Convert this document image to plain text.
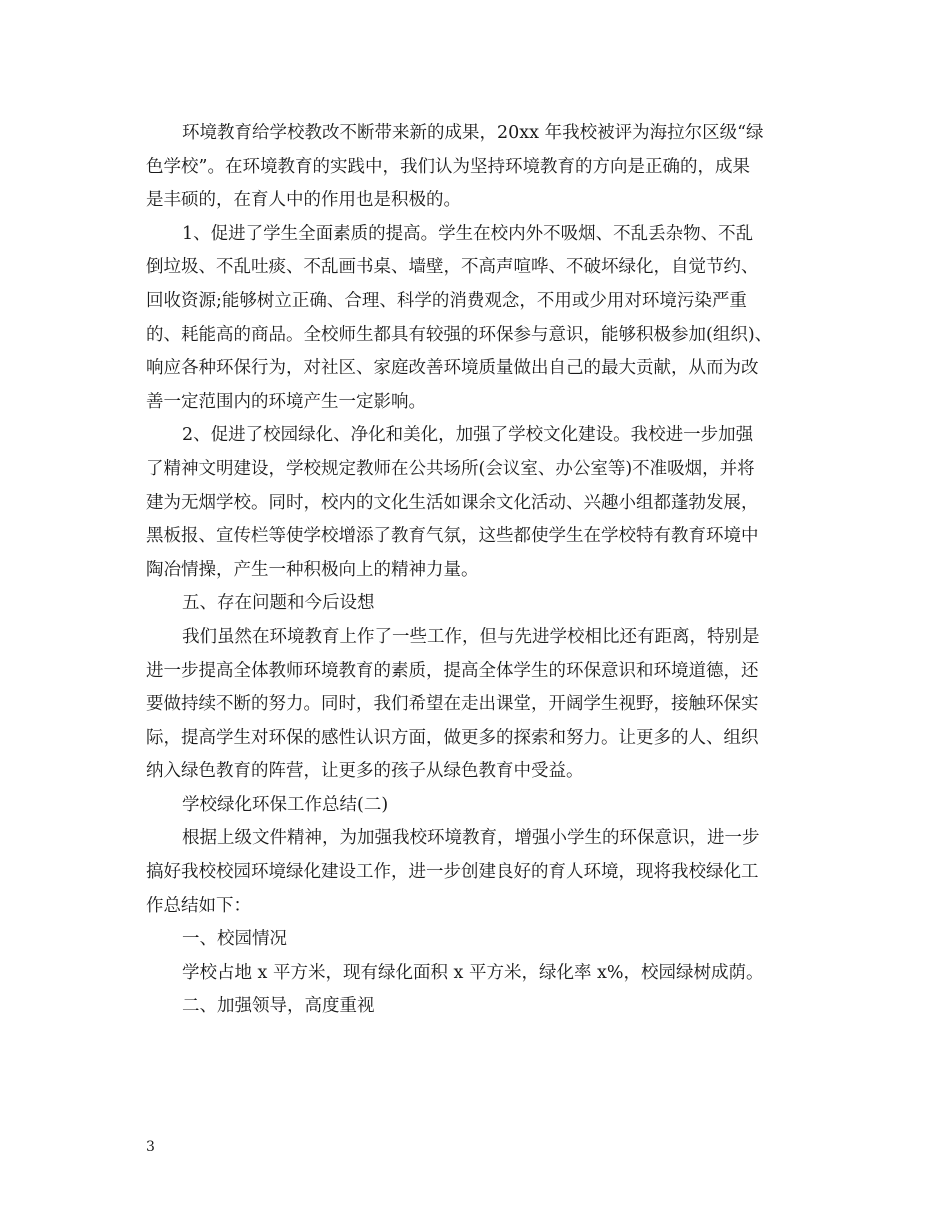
环境教育给学校教改不断带来新的成果，20xx 年我校被评为海拉尔区级“绿
色学校”。在环境教育的实践中，我们认为坚持环境教育的方向是正确的，成果
是丰硕的，在育人中的作用也是积极的。
1、促进了学生全面素质的提高。学生在校内外不吸烟、不乱丢杂物、不乱
倒垃圾、不乱吐痰、不乱画书桌、墙壁，不高声喧哗、不破坏绿化，自觉节约、
回收资源;能够树立正确、合理、科学的消费观念，不用或少用对环境污染严重
的、耗能高的商品。全校师生都具有较强的环保参与意识，能够积极参加(组织)、
响应各种环保行为，对社区、家庭改善环境质量做出自己的最大贡献，从而为改
善一定范围内的环境产生一定影响。
2、促进了校园绿化、净化和美化，加强了学校文化建设。我校进一步加强
了精神文明建设，学校规定教师在公共场所(会议室、办公室等)不准吸烟，并将
建为无烟学校。同时，校内的文化生活如课余文化活动、兴趣小组都蓬勃发展，
黑板报、宣传栏等使学校增添了教育气氛，这些都使学生在学校特有教育环境中
陶冶情操，产生一种积极向上的精神力量。
五、存在问题和今后设想
我们虽然在环境教育上作了一些工作，但与先进学校相比还有距离，特别是
进一步提高全体教师环境教育的素质，提高全体学生的环保意识和环境道德，还
要做持续不断的努力。同时，我们希望在走出课堂，开阔学生视野，接触环保实
际，提高学生对环保的感性认识方面，做更多的探索和努力。让更多的人、组织
纳入绿色教育的阵营，让更多的孩子从绿色教育中受益。
学校绿化环保工作总结(二)
根据上级文件精神，为加强我校环境教育，增强小学生的环保意识，进一步
搞好我校校园环境绿化建设工作，进一步创建良好的育人环境，现将我校绿化工
作总结如下：
一、校园情况
学校占地 x 平方米，现有绿化面积 x 平方米，绿化率 x%，校园绿树成荫。
二、加强领导，高度重视
3
